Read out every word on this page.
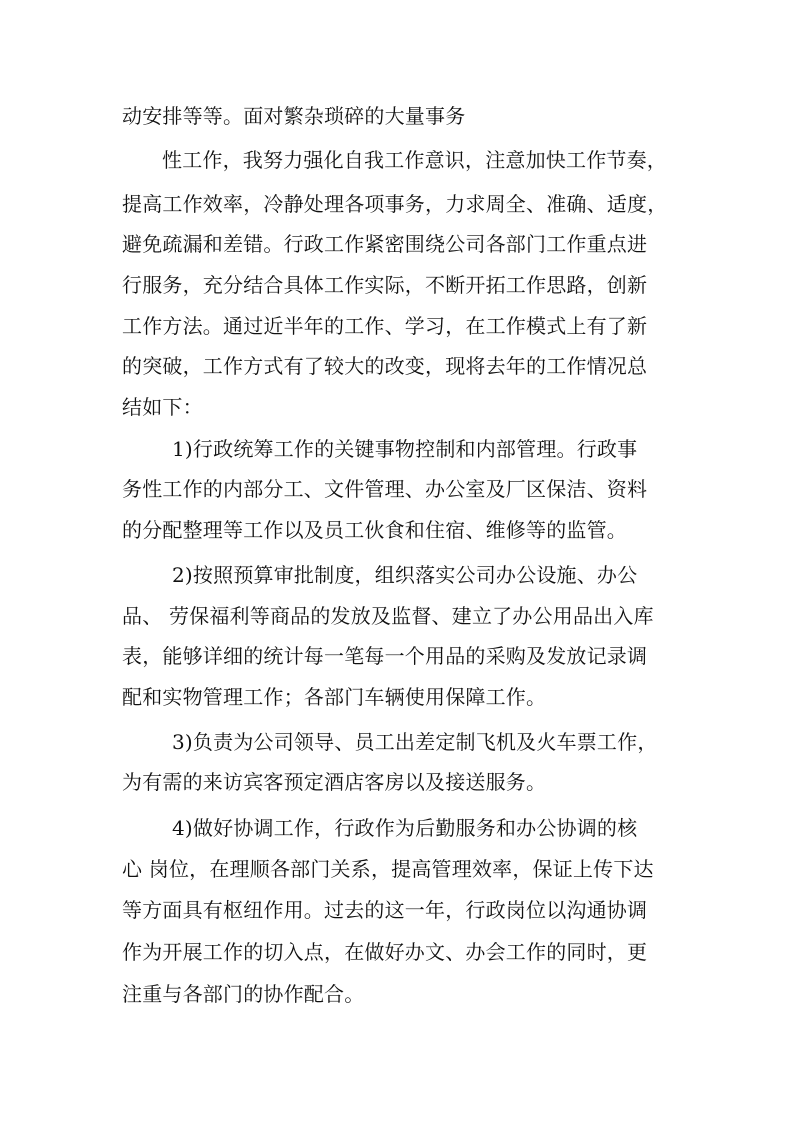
动安排等等。面对繁杂琐碎的大量事务
性工作，我努力强化自我工作意识，注意加快工作节奏，
提高工作效率，冷静处理各项事务，力求周全、准确、适度，
避免疏漏和差错。行政工作紧密围绕公司各部门工作重点进
行服务，充分结合具体工作实际，不断开拓工作思路，创新
工作方法。通过近半年的工作、学习，在工作模式上有了新
的突破，工作方式有了较大的改变，现将去年的工作情况总
结如下：
1)行政统筹工作的关键事物控制和内部管理。行政事
务性工作的内部分工、文件管理、办公室及厂区保洁、资料
的分配整理等工作以及员工伙食和住宿、维修等的监管。
2)按照预算审批制度，组织落实公司办公设施、办公
品、 劳保福利等商品的发放及监督、建立了办公用品出入库
表，能够详细的统计每一笔每一个用品的采购及发放记录调
配和实物管理工作；各部门车辆使用保障工作。
3)负责为公司领导、员工出差定制飞机及火车票工作，
为有需的来访宾客预定酒店客房以及接送服务。
4)做好协调工作，行政作为后勤服务和办公协调的核
心 岗位，在理顺各部门关系，提高管理效率，保证上传下达
等方面具有枢纽作用。过去的这一年，行政岗位以沟通协调
作为开展工作的切入点，在做好办文、办会工作的同时，更
注重与各部门的协作配合。
